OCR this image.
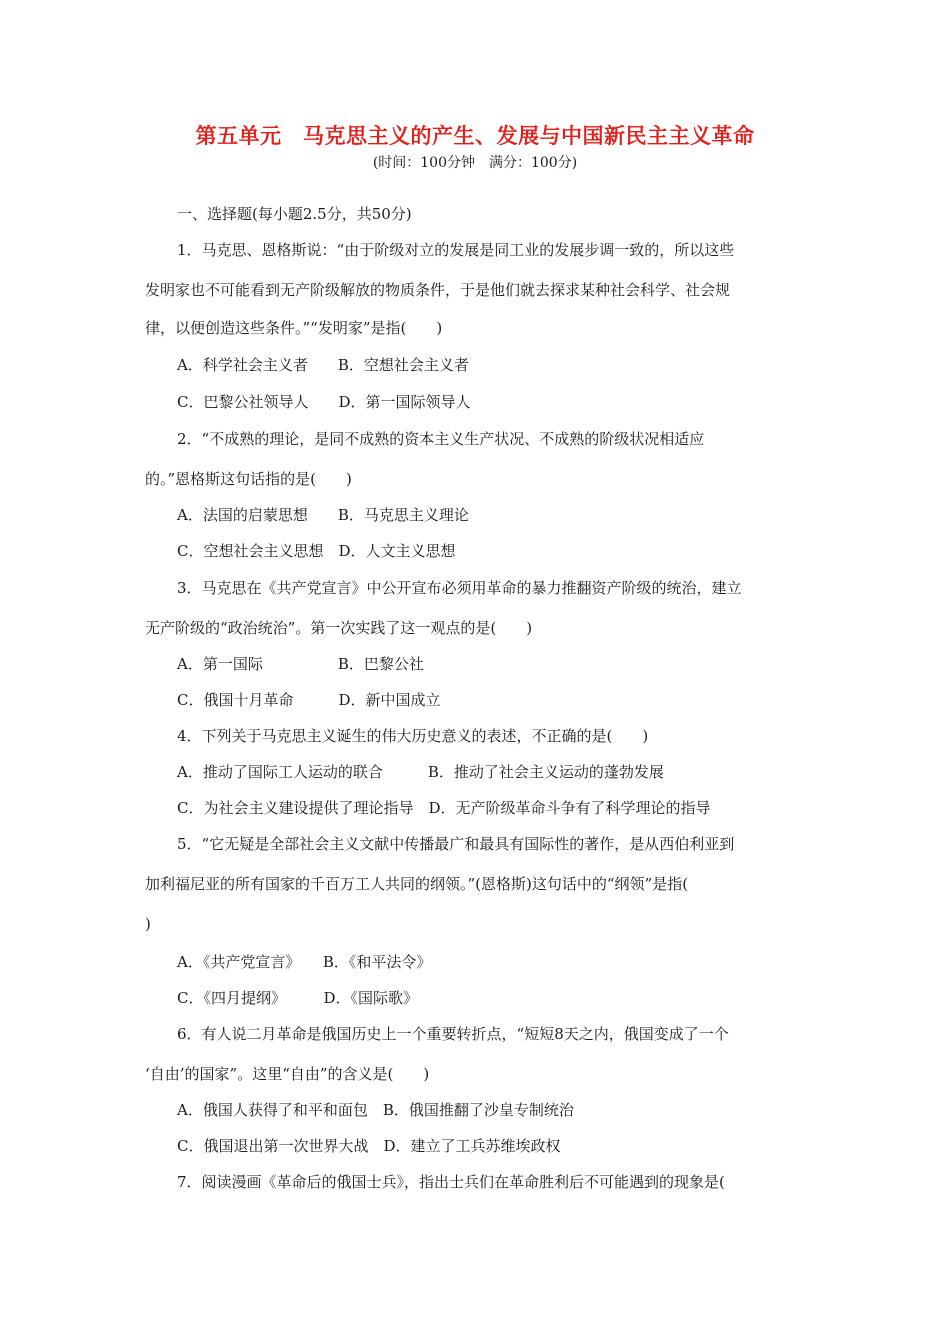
第五单元　马克思主义的产生、发展与中国新民主主义革命
(时间：100分钟　满分：100分)
一、选择题(每小题2.5分，共50分)
1．马克思、恩格斯说：“由于阶级对立的发展是同工业的发展步调一致的，所以这些
发明家也不可能看到无产阶级解放的物质条件，于是他们就去探求某种社会科学、社会规
律，以便创造这些条件。”“发明家”是指(　　)
A．科学社会主义者　　B．空想社会主义者
C．巴黎公社领导人　　D．第一国际领导人
2．“不成熟的理论，是同不成熟的资本主义生产状况、不成熟的阶级状况相适应
的。”恩格斯这句话指的是(　　)
A．法国的启蒙思想　　B．马克思主义理论
C．空想社会主义思想　D．人文主义思想
3．马克思在《共产党宣言》中公开宣布必须用革命的暴力推翻资产阶级的统治，建立
无产阶级的“政治统治”。第一次实践了这一观点的是(　　)
A．第一国际　　　　　B．巴黎公社
C．俄国十月革命　　　D．新中国成立
4．下列关于马克思主义诞生的伟大历史意义的表述，不正确的是(　　)
A．推动了国际工人运动的联合　　　B．推动了社会主义运动的蓬勃发展
C．为社会主义建设提供了理论指导　D．无产阶级革命斗争有了科学理论的指导
5．“它无疑是全部社会主义文献中传播最广和最具有国际性的著作，是从西伯利亚到
加利福尼亚的所有国家的千百万工人共同的纲领。”(恩格斯)这句话中的“纲领”是指(
)
A．《共产党宣言》　　B．《和平法令》
C．《四月提纲》　　　D．《国际歌》
6．有人说二月革命是俄国历史上一个重要转折点，“短短8天之内，俄国变成了一个
‘自由’的国家”。这里“自由”的含义是(　　)
A．俄国人获得了和平和面包　B．俄国推翻了沙皇专制统治
C．俄国退出第一次世界大战　D．建立了工兵苏维埃政权
7．阅读漫画《革命后的俄国士兵》，指出士兵们在革命胜利后不可能遇到的现象是(
